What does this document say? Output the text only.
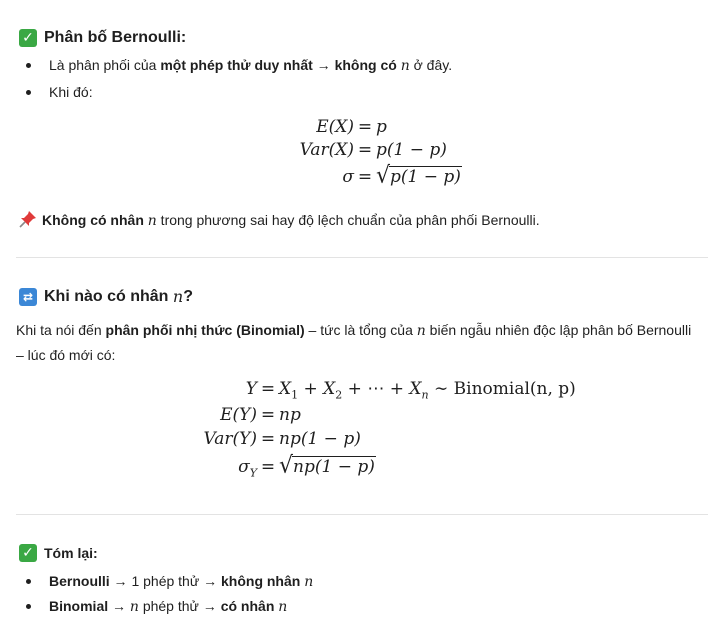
✓ Phân bố Bernoulli:
Là phân phối của một phép thử duy nhất → không có n ở đây.
Khi đó:
E(X) = p
Var(X) = p(1 − p)
σ = √p(1 − p)
Không có nhân n trong phương sai hay độ lệch chuẩn của phân phối Bernoulli.
⇄ Khi nào có nhân
n ?
Khi ta nói đến phân phối nhị thức (Binomial) – tức là tổng của n biến ngẫu nhiên độc lập phân bố Bernoulli
– lúc đó mới có:
$Y = X_1 + X_2$ + ⋯ + $X_n$ ∼ Binomial(n, p)
E(Y) = np
Var(Y) = np(1 − p)
$\sigma_Y = √np(1 - p)$
✓ Tóm lại:
Bernoulli → 1 phép thử → không nhân n
Binomial → n phép thử → có nhân n
